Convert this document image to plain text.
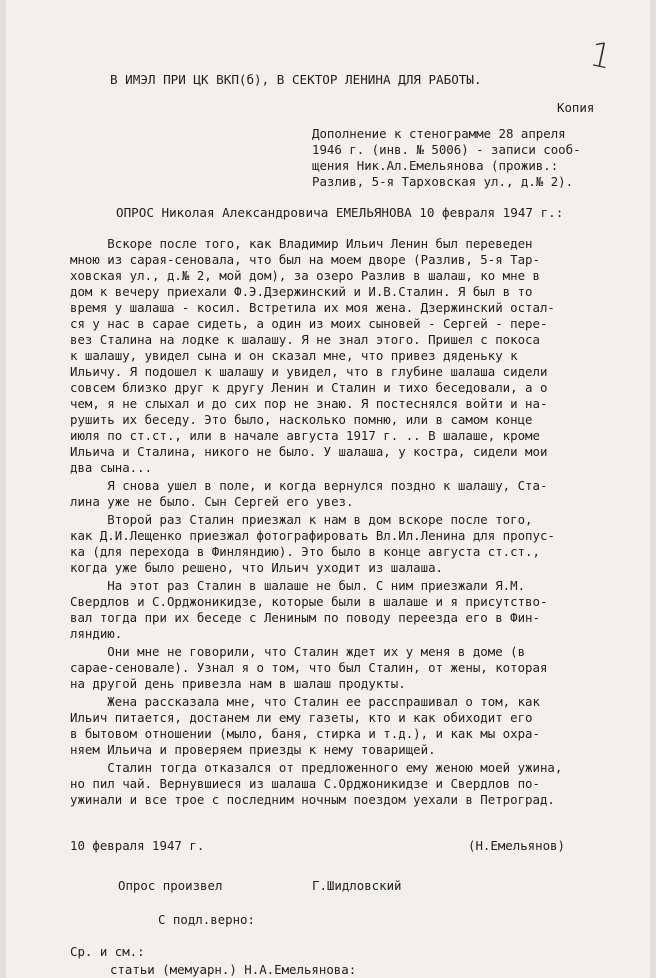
1
В ИМЭЛ ПРИ ЦК ВКП(б), В СЕКТОР ЛЕНИНА ДЛЯ РАБОТЫ.
Копия
Дополнение к стенограмме 28 апреля
1946 г. (инв. № 5006) - записи сооб-
щения Ник.Ал.Емельянова (прожив.:
Разлив, 5-я Тарховская ул., д.№ 2).
ОПРОС Николая Александровича ЕМЕЛЬЯНОВА 10 февраля 1947 г.:
Вскоре после того, как Владимир Ильич Ленин был переведен
мною из сарая-сеновала, что был на моем дворе (Разлив, 5-я Тар-
ховская ул., д.№ 2, мой дом), за озеро Разлив в шалаш, ко мне в
дом к вечеру приехали Ф.Э.Дзержинский и И.В.Сталин. Я был в то
время у шалаша - косил. Встретила их моя жена. Дзержинский остал-
ся у нас в сарае сидеть, а один из моих сыновей - Сергей - пере-
вез Сталина на лодке к шалашу. Я не знал этого. Пришел с покоса
к шалашу, увидел сына и он сказал мне, что привез дяденьку к
Ильичу. Я подошел к шалашу и увидел, что в глубине шалаша сидели
совсем близко друг к другу Ленин и Сталин и тихо беседовали, а о
чем, я не слыхал и до сих пор не знаю. Я постеснялся войти и на-
рушить их беседу. Это было, насколько помню, или в самом конце
июля по ст.ст., или в начале августа 1917 г. .. В шалаше, кроме
Ильича и Сталина, никого не было. У шалаша, у костра, сидели мои
два сына...
Я снова ушел в поле, и когда вернулся поздно к шалашу, Ста-
лина уже не было. Сын Сергей его увез.
Второй раз Сталин приезжал к нам в дом вскоре после того,
как Д.И.Лещенко приезжал фотографировать Вл.Ил.Ленина для пропус-
ка (для перехода в Финляндию). Это было в конце августа ст.ст.,
когда уже было решено, что Ильич уходит из шалаша.
На этот раз Сталин в шалаше не был. С ним приезжали Я.М.
Свердлов и С.Орджоникидзе, которые были в шалаше и я присутство-
вал тогда при их беседе с Лениным по поводу переезда его в Фин-
ляндию.
Они мне не говорили, что Сталин ждет их у меня в доме (в
сарае-сеновале). Узнал я о том, что был Сталин, от жены, которая
на другой день привезла нам в шалаш продукты.
Жена рассказала мне, что Сталин ее расспрашивал о том, как
Ильич питается, достанем ли ему газеты, кто и как обиходит его
в бытовом отношении (мыло, баня, стирка и т.д.), и как мы охра-
няем Ильича и проверяем приезды к нему товарищей.
Сталин тогда отказался от предложенного ему женою моей ужина,
но пил чай. Вернувшиеся из шалаша С.Орджоникидзе и Свердлов по-
ужинали и все трое с последним ночным поездом уехали в Петроград.
10 февраля 1947 г.	(Н.Емельянов)
Опрос произвел	Г.Шидловский
С подл.верно:
Ср. и см.:
статьи (мемуарн.) Н.А.Емельянова:
